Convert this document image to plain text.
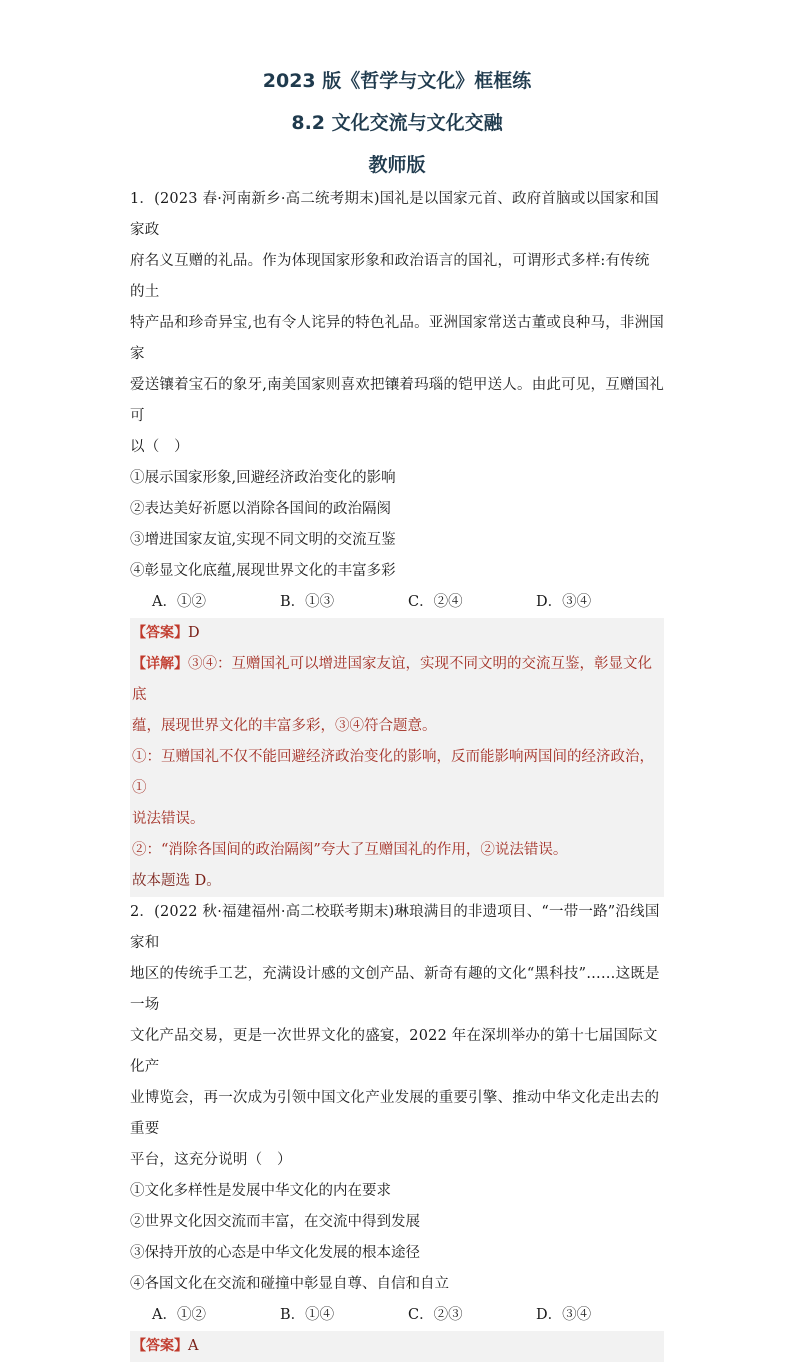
2023 版《哲学与文化》框框练

8.2 文化交流与文化交融

教师版

1．(2023 春·河南新乡·高二统考期末)国礼是以国家元首、政府首脑或以国家和国家政

府名义互赠的礼品。作为体现国家形象和政治语言的国礼，可谓形式多样:有传统的土

特产品和珍奇异宝,也有令人诧异的特色礼品。亚洲国家常送古董或良种马，非洲国家

爱送镶着宝石的象牙,南美国家则喜欢把镶着玛瑙的铠甲送人。由此可见，互赠国礼可

以（　）

①展示国家形象,回避经济政治变化的影响

②表达美好祈愿以消除各国间的政治隔阂

③增进国家友谊,实现不同文明的交流互鉴

④彰显文化底蕴,展现世界文化的丰富多彩

A．①②	B．①③	C．②④	D．③④

【答案】D

【详解】③④：互赠国礼可以增进国家友谊，实现不同文明的交流互鉴，彰显文化底

蕴，展现世界文化的丰富多彩，③④符合题意。

①：互赠国礼不仅不能回避经济政治变化的影响，反而能影响两国间的经济政治，①

说法错误。

②：“消除各国间的政治隔阂”夸大了互赠国礼的作用，②说法错误。

故本题选 D。

2．(2022 秋·福建福州·高二校联考期末)琳琅满目的非遗项目、“一带一路”沿线国家和

地区的传统手工艺，充满设计感的文创产品、新奇有趣的文化“黑科技”……这既是一场

文化产品交易，更是一次世界文化的盛宴，2022 年在深圳举办的第十七届国际文化产

业博览会，再一次成为引领中国文化产业发展的重要引擎、推动中华文化走出去的重要

平台，这充分说明（　）

①文化多样性是发展中华文化的内在要求

②世界文化因交流而丰富，在交流中得到发展

③保持开放的心态是中华文化发展的根本途径

④各国文化在交流和碰撞中彰显自尊、自信和自立

A．①②	B．①④	C．②③	D．③④

【答案】A
